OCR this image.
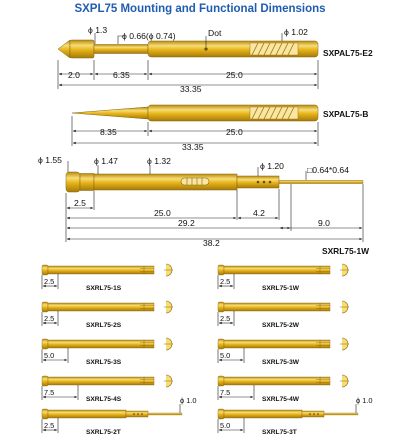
SXPL75 Mounting and Functional Dimensions
ϕ 1.3
ϕ 0.66(ϕ 0.74)	Dot	ϕ 1.02
SXPAL75-E2
2.0	6.35	25.0
33.35
SXPAL75-B
8.35	25.0
33.35
ϕ 1.55	ϕ 1.47	ϕ 1.32	ϕ 1.20	□0.64*0.64
2.5
25.0	4.2
9.0
29.2
38.2
SXRL75-1W
2.5
SXRL75-1S
2.5
SXRL75-1W
2.5
SXRL75-2S
2.5
SXRL75-2W
5.0
SXRL75-3S
5.0
SXRL75-3W
7.5
SXRL75-4S
7.5
SXRL75-4W
ϕ 1.0
2.5
SXRL75-2T
ϕ 1.0
5.0
SXRL75-3T
